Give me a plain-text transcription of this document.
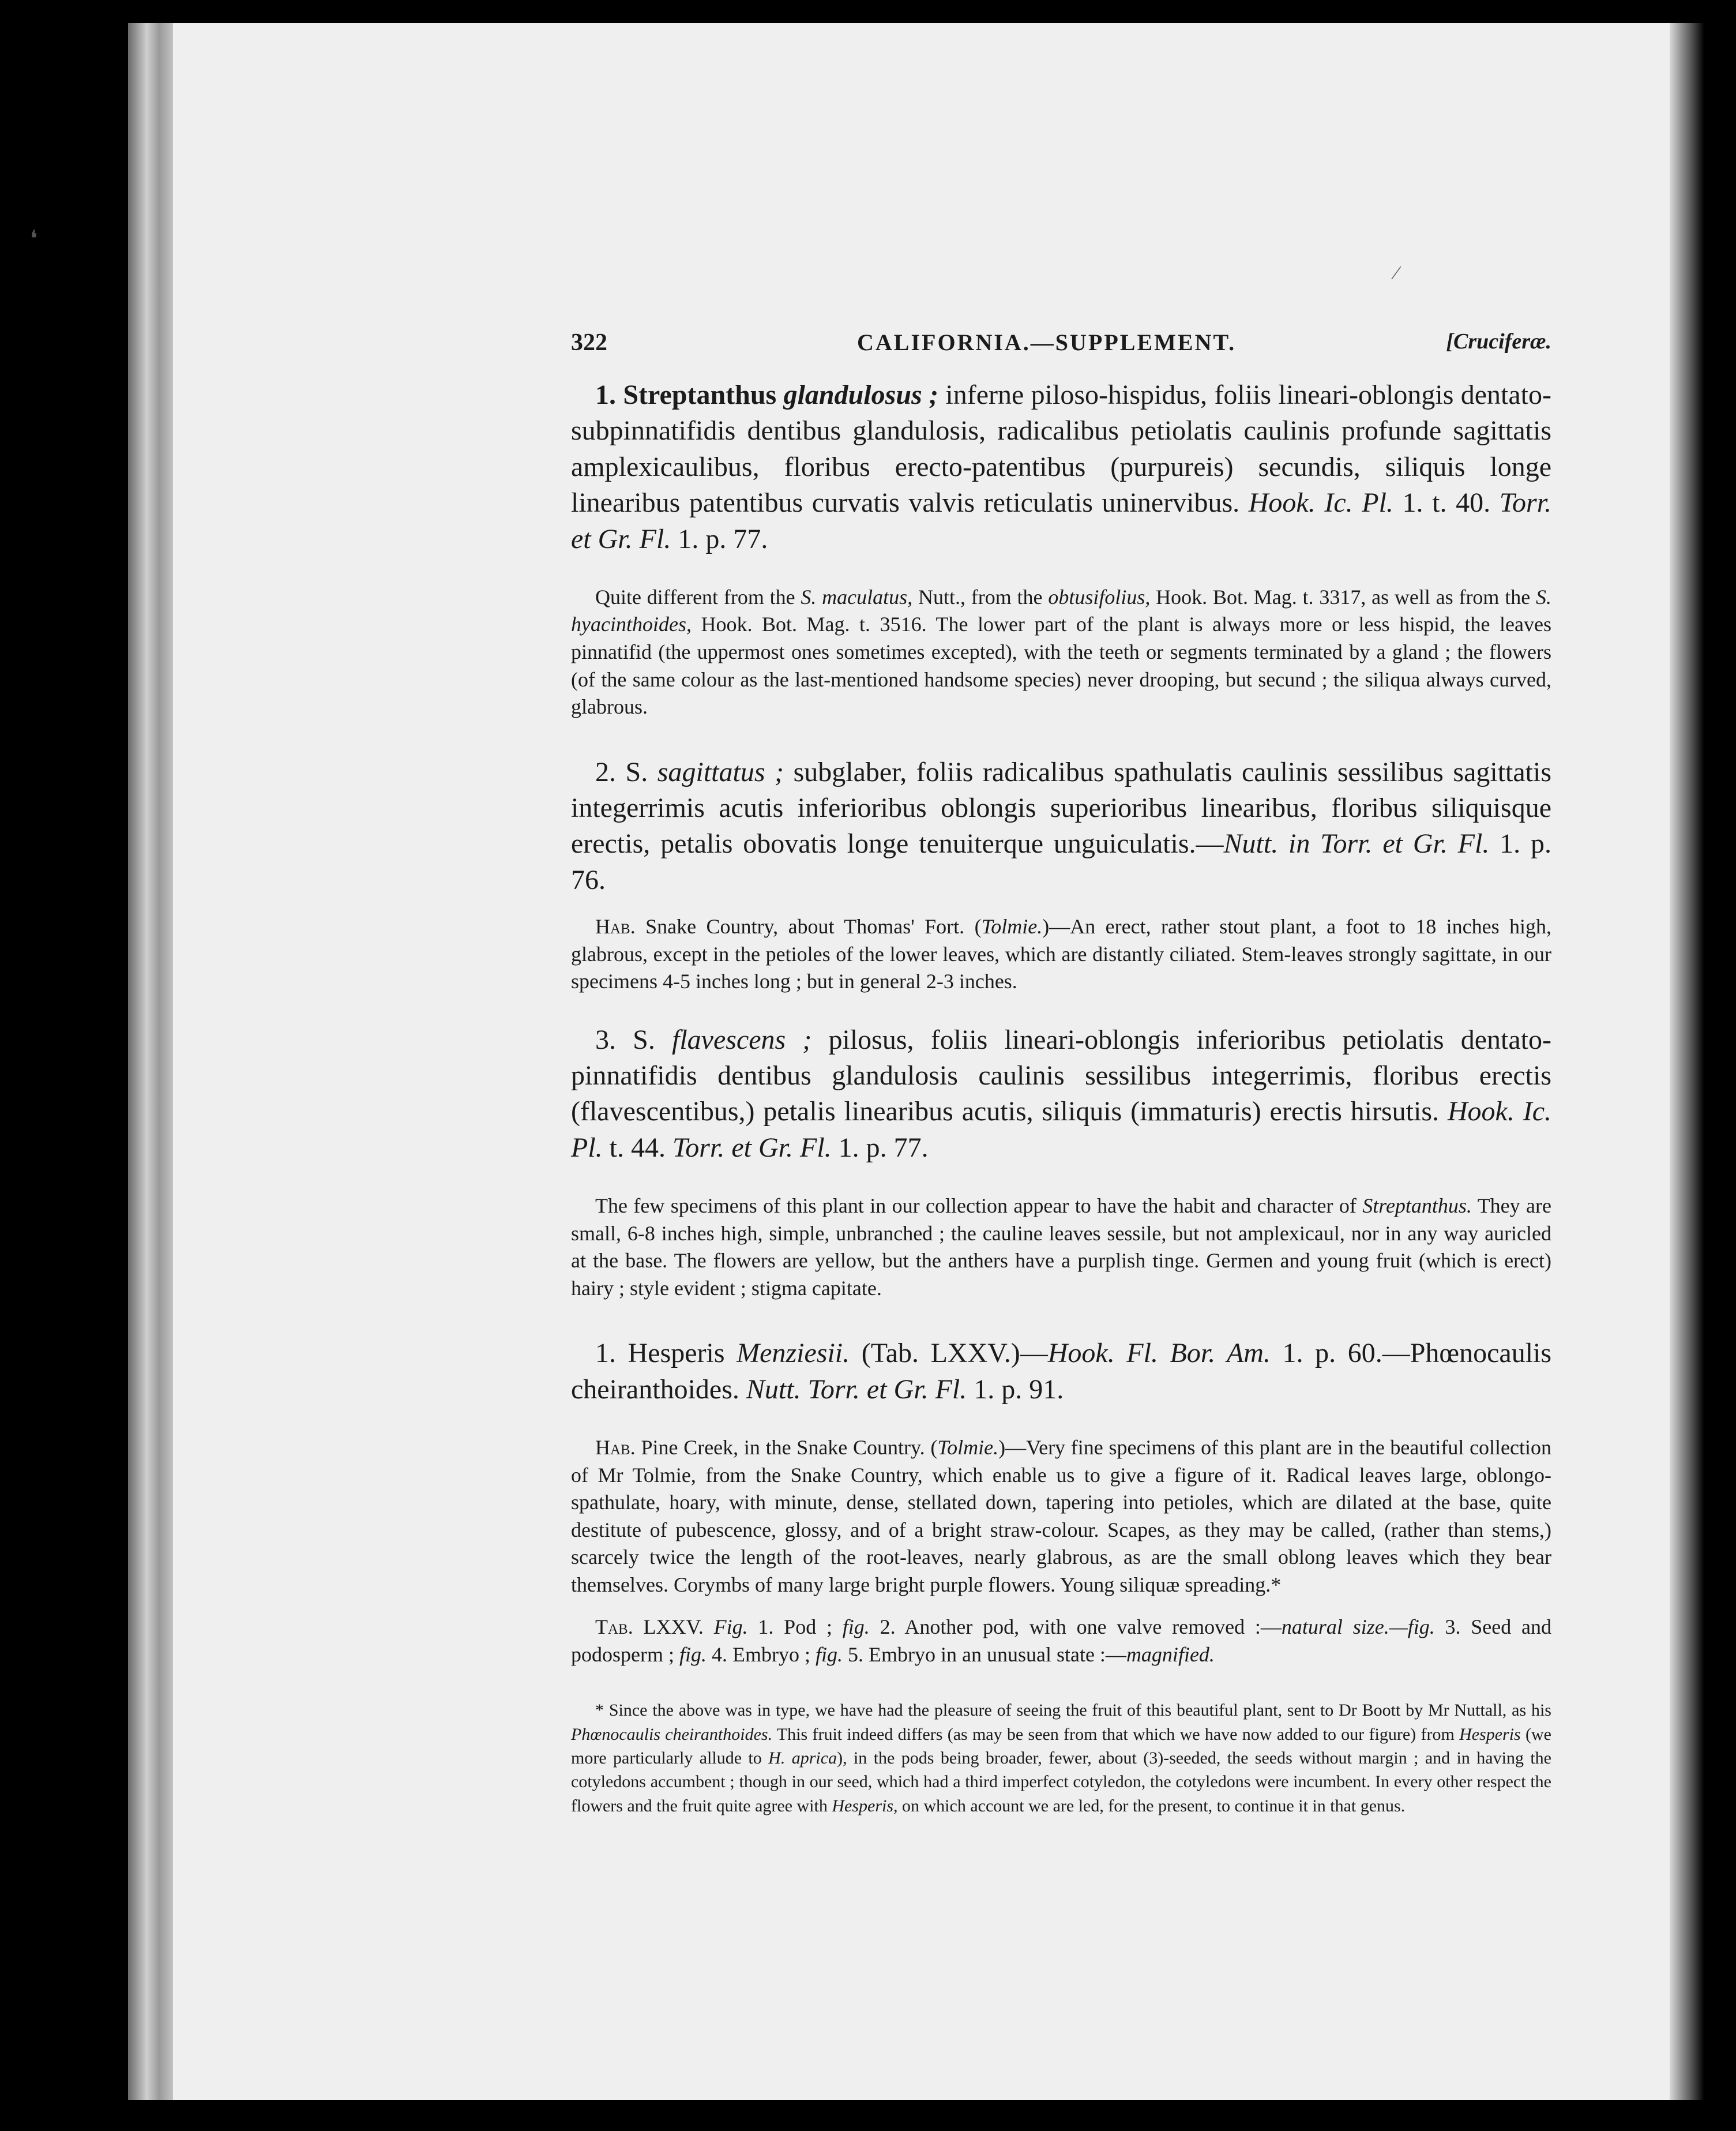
❛
⁄
322	CALIFORNIA.—SUPPLEMENT.	[Cruciferæ.

1. Streptanthus glandulosus ; inferne piloso-hispidus, foliis lineari-oblongis dentato-subpinnatifidis dentibus glandulosis, radicalibus petiolatis caulinis profunde sagittatis amplexicaulibus, floribus erecto-patentibus (purpureis) secundis, siliquis longe linearibus patentibus curvatis valvis reticulatis uninervibus. Hook. Ic. Pl. 1. t. 40. Torr. et Gr. Fl. 1. p. 77.

Quite different from the S. maculatus, Nutt., from the obtusifolius, Hook. Bot. Mag. t. 3317, as well as from the S. hyacinthoides, Hook. Bot. Mag. t. 3516. The lower part of the plant is always more or less hispid, the leaves pinnatifid (the uppermost ones sometimes excepted), with the teeth or segments terminated by a gland ; the flowers (of the same colour as the last-mentioned handsome species) never drooping, but secund ; the siliqua always curved, glabrous.

2. S. sagittatus ; subglaber, foliis radicalibus spathulatis caulinis sessilibus sagittatis integerrimis acutis inferioribus oblongis superioribus linearibus, floribus siliquisque erectis, petalis obovatis longe tenuiterque unguiculatis.—Nutt. in Torr. et Gr. Fl. 1. p. 76.

Hab. Snake Country, about Thomas' Fort. (Tolmie.)—An erect, rather stout plant, a foot to 18 inches high, glabrous, except in the petioles of the lower leaves, which are distantly ciliated. Stem-leaves strongly sagittate, in our specimens 4-5 inches long ; but in general 2-3 inches.

3. S. flavescens ; pilosus, foliis lineari-oblongis inferioribus petiolatis dentato-pinnatifidis dentibus glandulosis caulinis sessilibus integerrimis, floribus erectis (flavescentibus,) petalis linearibus acutis, siliquis (immaturis) erectis hirsutis. Hook. Ic. Pl. t. 44. Torr. et Gr. Fl. 1. p. 77.

The few specimens of this plant in our collection appear to have the habit and character of Streptanthus. They are small, 6-8 inches high, simple, unbranched ; the cauline leaves sessile, but not amplexicaul, nor in any way auricled at the base. The flowers are yellow, but the anthers have a purplish tinge. Germen and young fruit (which is erect) hairy ; style evident ; stigma capitate.

1. Hesperis Menziesii. (Tab. LXXV.)—Hook. Fl. Bor. Am. 1. p. 60.—Phœnocaulis cheiranthoides. Nutt. Torr. et Gr. Fl. 1. p. 91.

Hab. Pine Creek, in the Snake Country. (Tolmie.)—Very fine specimens of this plant are in the beautiful collection of Mr Tolmie, from the Snake Country, which enable us to give a figure of it. Radical leaves large, oblongo-spathulate, hoary, with minute, dense, stellated down, tapering into petioles, which are dilated at the base, quite destitute of pubescence, glossy, and of a bright straw-colour. Scapes, as they may be called, (rather than stems,) scarcely twice the length of the root-leaves, nearly glabrous, as are the small oblong leaves which they bear themselves. Corymbs of many large bright purple flowers. Young siliquæ spreading.*

Tab. LXXV. Fig. 1. Pod ; fig. 2. Another pod, with one valve removed :—natural size.—fig. 3. Seed and podosperm ; fig. 4. Embryo ; fig. 5. Embryo in an unusual state :—magnified.

* Since the above was in type, we have had the pleasure of seeing the fruit of this beautiful plant, sent to Dr Boott by Mr Nuttall, as his Phœnocaulis cheiranthoides. This fruit indeed differs (as may be seen from that which we have now added to our figure) from Hesperis (we more particularly allude to H. aprica), in the pods being broader, fewer, about (3)-seeded, the seeds without margin ; and in having the cotyledons accumbent ; though in our seed, which had a third imperfect cotyledon, the cotyledons were incumbent. In every other respect the flowers and the fruit quite agree with Hesperis, on which account we are led, for the present, to continue it in that genus.
